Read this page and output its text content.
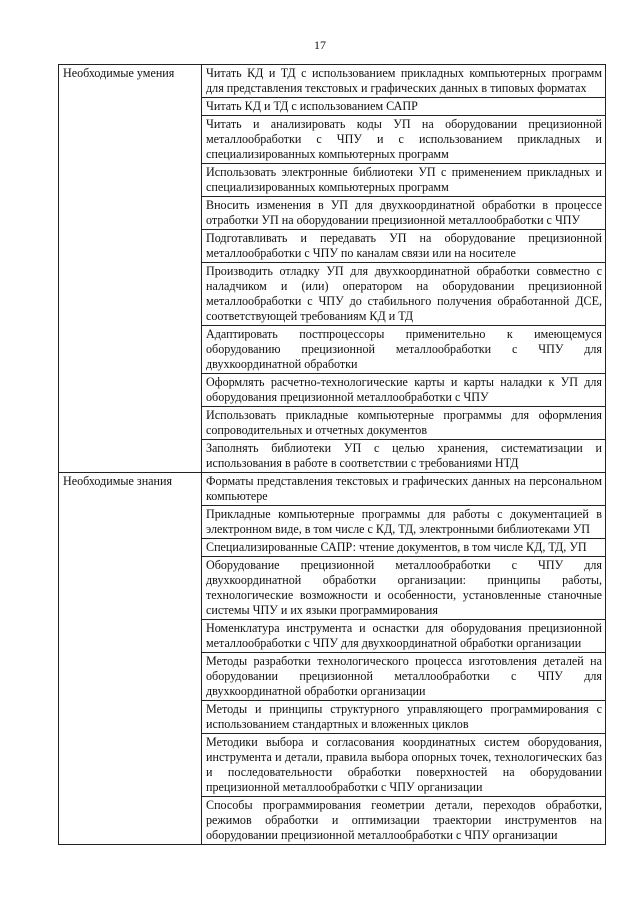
17
Необходимые умения	Читать КД и ТД с использованием прикладных компьютерных программ для представления текстовых и графических данных в типовых форматах
	Читать КД и ТД с использованием САПР
	Читать и анализировать коды УП на оборудовании прецизионной металлообработки с ЧПУ и с использованием прикладных и специализированных компьютерных программ
	Использовать электронные библиотеки УП с применением прикладных и специализированных компьютерных программ
	Вносить изменения в УП для двухкоординатной обработки в процессе отработки УП на оборудовании прецизионной металлообработки с ЧПУ
	Подготавливать и передавать УП на оборудование прецизионной металлообработки с ЧПУ по каналам связи или на носителе
	Производить отладку УП для двухкоординатной обработки совместно с наладчиком и (или) оператором на оборудовании прецизионной металлообработки с ЧПУ до стабильного получения обработанной ДСЕ, соответствующей требованиям КД и ТД
	Адаптировать постпроцессоры применительно к имеющемуся оборудованию прецизионной металлообработки с ЧПУ для двухкоординатной обработки
	Оформлять расчетно-технологические карты и карты наладки к УП для оборудования прецизионной металлообработки с ЧПУ
	Использовать прикладные компьютерные программы для оформления сопроводительных и отчетных документов
	Заполнять библиотеки УП с целью хранения, систематизации и использования в работе в соответствии с требованиями НТД
Необходимые знания	Форматы представления текстовых и графических данных на персональном компьютере
	Прикладные компьютерные программы для работы с документацией в электронном виде, в том числе с КД, ТД, электронными библиотеками УП
	Специализированные САПР: чтение документов, в том числе КД, ТД, УП
	Оборудование прецизионной металлообработки с ЧПУ для двухкоординатной обработки организации: принципы работы, технологические возможности и особенности, установленные станочные системы ЧПУ и их языки программирования
	Номенклатура инструмента и оснастки для оборудования прецизионной металлообработки с ЧПУ для двухкоординатной обработки организации
	Методы разработки технологического процесса изготовления деталей на оборудовании прецизионной металлообработки с ЧПУ для двухкоординатной обработки организации
	Методы и принципы структурного управляющего программирования с использованием стандартных и вложенных циклов
	Методики выбора и согласования координатных систем оборудования, инструмента и детали, правила выбора опорных точек, технологических баз и последовательности обработки поверхностей на оборудовании прецизионной металлообработки с ЧПУ организации
	Способы программирования геометрии детали, переходов обработки, режимов обработки и оптимизации траектории инструментов на оборудовании прецизионной металлообработки с ЧПУ организации
